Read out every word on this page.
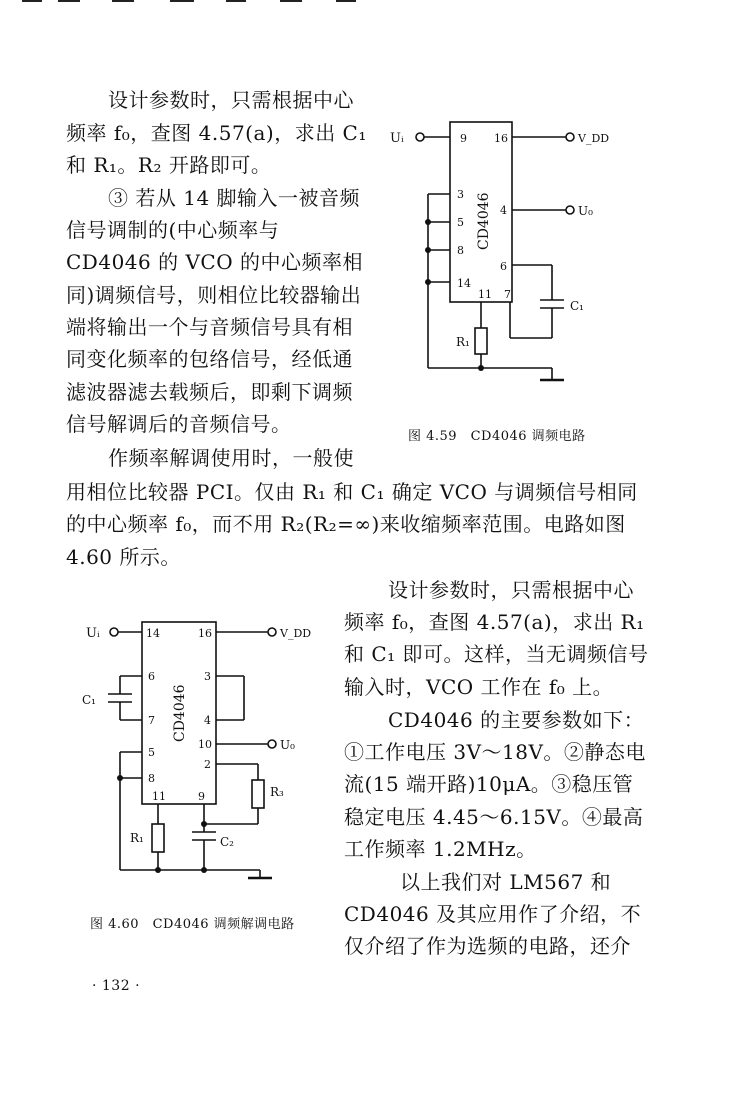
设计参数时，只需根据中心
频率 f₀，查图 4.57(a)，求出 C₁
和 R₁。R₂ 开路即可。
③ 若从 14 脚输入一被音频
信号调制的(中心频率与
CD4046 的 VCO 的中心频率相
同)调频信号，则相位比较器输出
端将输出一个与音频信号具有相
同变化频率的包络信号，经低通
滤波器滤去载频后，即剩下调频
信号解调后的音频信号。
作频率解调使用时，一般使
用相位比较器 PCⅠ。仅由 R₁ 和 C₁ 确定 VCO 与调频信号相同
的中心频率 f₀，而不用 R₂(R₂=∞)来收缩频率范围。电路如图
4.60 所示。
设计参数时，只需根据中心
频率 f₀，查图 4.57(a)，求出 R₁
和 C₁ 即可。这样，当无调频信号
输入时，VCO 工作在 f₀ 上。
CD4046 的主要参数如下：
①工作电压 3V～18V。②静态电
流(15 端开路)10μA。③稳压管
稳定电压 4.45～6.15V。④最高
工作频率 1.2MHz。
以上我们对 LM567 和
CD4046 及其应用作了介绍，不
仅介绍了作为选频的电路，还介
Uᵢ	V_DD
U₀
9 16
3
4
5
8
6
14
11 7
C₁
R₁
CD4046
图 4.59　CD4046 调频电路
Uᵢ	V_DD
U₀
14	16
6	3
7	4
5
10
8
2
11	9
C₁
C₂
R₁
R₃
CD4046
图 4.60　CD4046 调频解调电路
· 132 ·
